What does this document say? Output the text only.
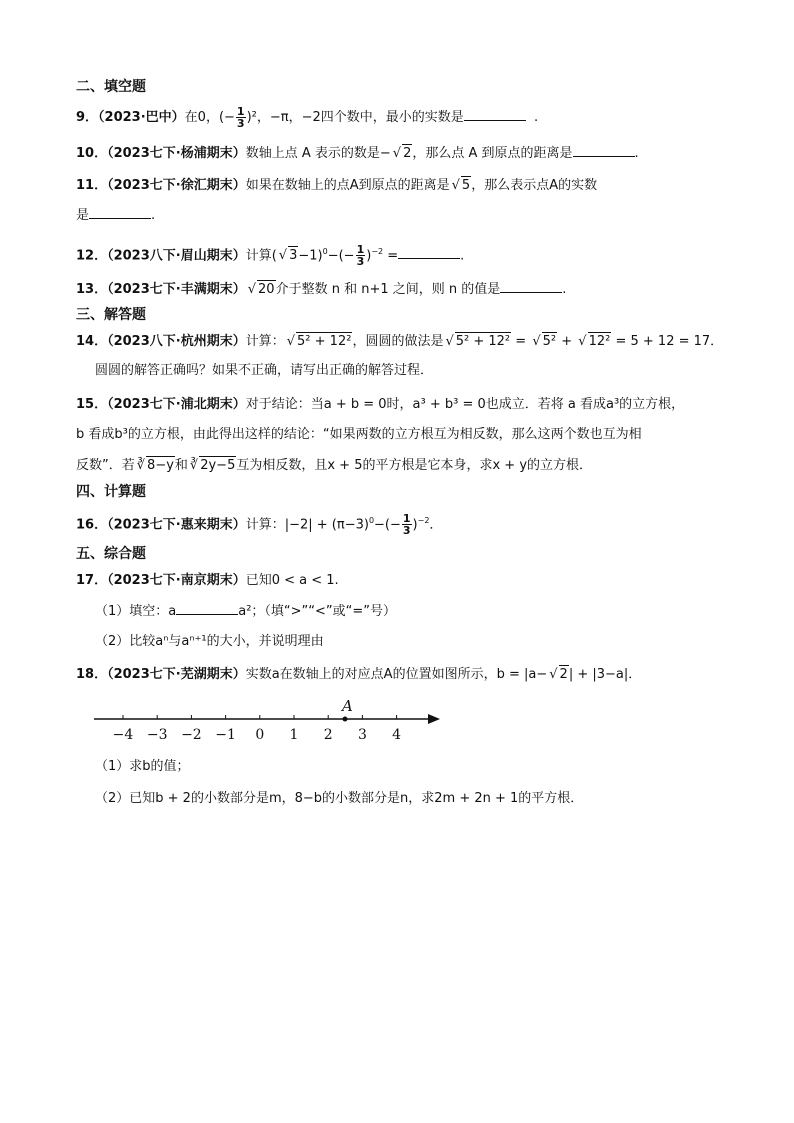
二、填空题
9．（2023·巴中）在0，(− $\frac{1}{3} )^2$，−π，−2四个数中，最小的实数是	.
10．（2023七下·杨浦期末）数轴上点 A 表示的数是− √ 2，那么点 A 到原点的距离是	.
11．（2023七下·徐汇期末）如果在数轴上的点A到原点的距离是 √ 5，那么表示点A的实数
是	.
12．（2023八下·眉山期末）计算( √ $3-1)^0-(- \frac{1}{3} )^{-2}$ =	.
13．（2023七下·丰满期末） √ 20介于整数 n 和 n+1 之间，则 n 的值是	.
三、解答题
14．（2023八下·杭州期末）计算： √ 5² + 12²，圆圆的做法是 √ 5² + 12² = √ 5² + √ 12² = 5 + 12 = 17．
圆圆的解答正确吗？如果不正确，请写出正确的解答过程．
15．（2023七下·浦北期末）对于结论：当a + b = 0时，a³ + b³ = 0也成立．若将 a 看成a³的立方根，
b 看成b³的立方根，由此得出这样的结论：“如果两数的立方根互为相反数，那么这两个数也互为相
反数”．若 ∛ 8−y和 ∛ 2y−5互为相反数，且x + 5的平方根是它本身，求x + y的立方根．
四、计算题
16．（2023七下·惠来期末）计算：$|-2| + (\pi-3)^0-(- \frac{1}{3} )^{-2}$．
五、综合题
17．（2023七下·南京期末）已知0 < a < 1.
（1）填空：a	a²；（填“>”“<”或“=”号）
（2）比较aⁿ与aⁿ⁺¹的大小，并说明理由
18．（2023七下·芜湖期末）实数a在数轴上的对应点A的位置如图所示，b = |a− √ 2| + |3−a|．
−4 −3 −2 −1 0 1 2 3 4
A
（1）求b的值；
（2）已知b + 2的小数部分是m，8−b的小数部分是n，求2m + 2n + 1的平方根．
